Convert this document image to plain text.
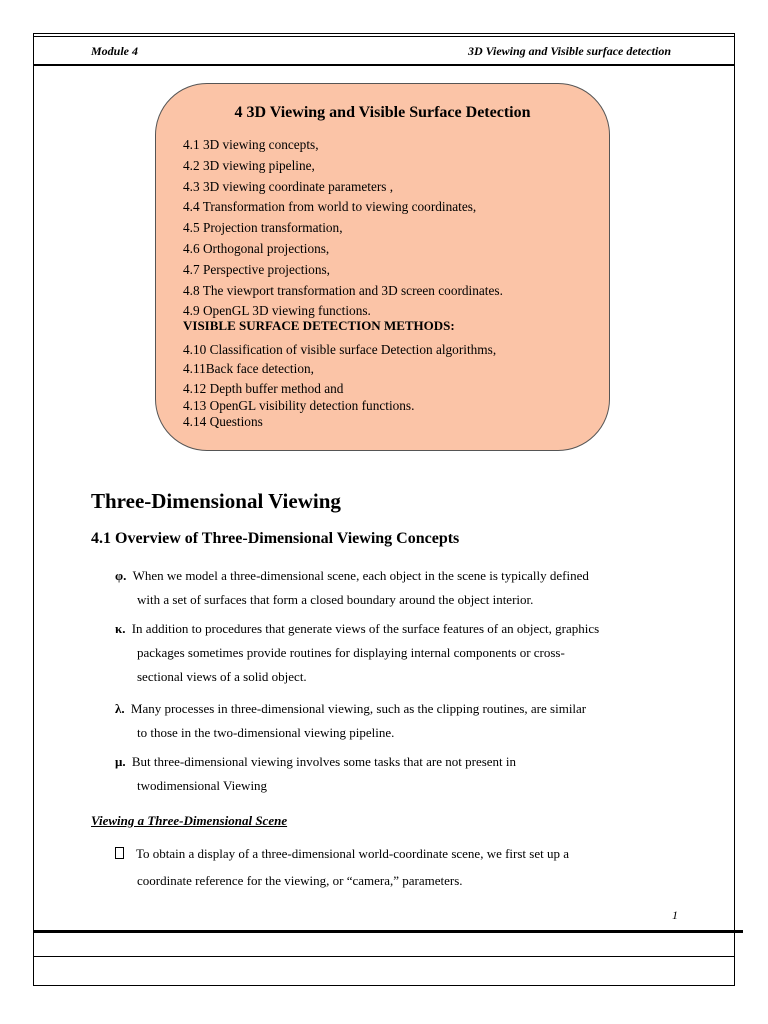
Module 4	3D Viewing and Visible surface detection
4 3D Viewing and Visible Surface Detection
4.1 3D viewing concepts,
4.2 3D viewing pipeline,
4.3 3D viewing coordinate parameters ,
4.4 Transformation from world to viewing coordinates,
4.5 Projection transformation,
4.6 Orthogonal projections,
4.7 Perspective projections,
4.8 The viewport transformation and 3D screen coordinates.
4.9 OpenGL 3D viewing functions.
VISIBLE SURFACE DETECTION METHODS:
4.10 Classification of visible surface Detection algorithms,
4.11Back face detection,
4.12 Depth buffer method and
4.13 OpenGL visibility detection functions.
4.14 Questions
Three-Dimensional Viewing
4.1 Overview of Three-Dimensional Viewing Concepts
φ. When we model a three-dimensional scene, each object in the scene is typically defined
with a set of surfaces that form a closed boundary around the object interior.
κ. In addition to procedures that generate views of the surface features of an object, graphics
packages sometimes provide routines for displaying internal components or cross-
sectional views of a solid object.
λ. Many processes in three-dimensional viewing, such as the clipping routines, are similar
to those in the two-dimensional viewing pipeline.
μ. But three-dimensional viewing involves some tasks that are not present in
twodimensional Viewing
Viewing a Three-Dimensional Scene
To obtain a display of a three-dimensional world-coordinate scene, we first set up a
coordinate reference for the viewing, or “camera,” parameters.
1
